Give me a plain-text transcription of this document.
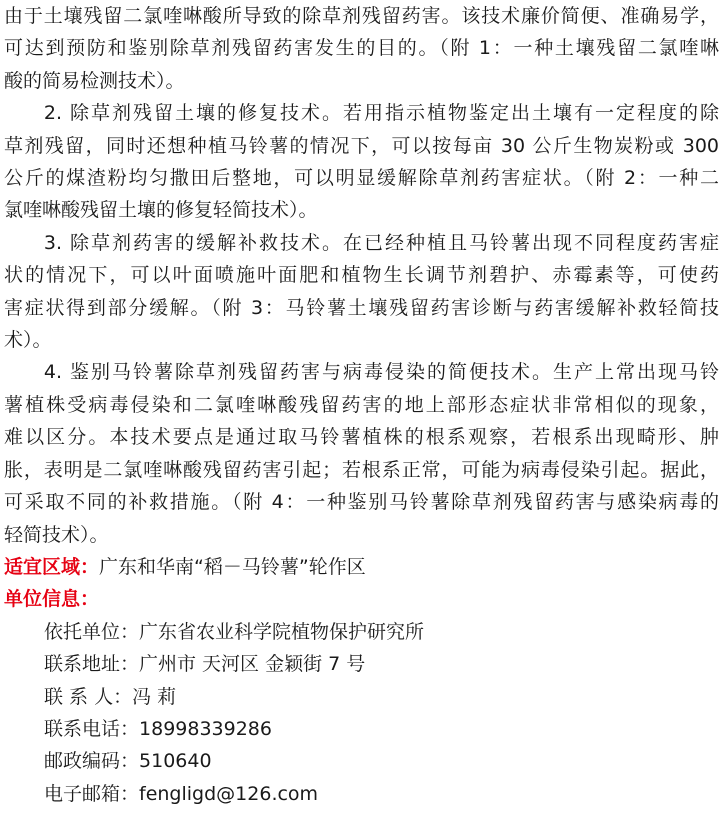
由于土壤残留二氯喹啉酸所导致的除草剂残留药害。该技术廉价简便、准确易学，
可达到预防和鉴别除草剂残留药害发生的目的。（附 1：一种土壤残留二氯喹啉
酸的简易检测技术）。
2. 除草剂残留土壤的修复技术。若用指示植物鉴定出土壤有一定程度的除
草剂残留，同时还想种植马铃薯的情况下，可以按每亩 30 公斤生物炭粉或 300
公斤的煤渣粉均匀撒田后整地，可以明显缓解除草剂药害症状。（附 2：一种二
氯喹啉酸残留土壤的修复轻简技术）。
3. 除草剂药害的缓解补救技术。在已经种植且马铃薯出现不同程度药害症
状的情况下，可以叶面喷施叶面肥和植物生长调节剂碧护、赤霉素等，可使药
害症状得到部分缓解。（附 3：马铃薯土壤残留药害诊断与药害缓解补救轻简技
术）。
4. 鉴别马铃薯除草剂残留药害与病毒侵染的简便技术。生产上常出现马铃
薯植株受病毒侵染和二氯喹啉酸残留药害的地上部形态症状非常相似的现象，
难以区分。本技术要点是通过取马铃薯植株的根系观察，若根系出现畸形、肿
胀，表明是二氯喹啉酸残留药害引起；若根系正常，可能为病毒侵染引起。据此，
可采取不同的补救措施。（附 4：一种鉴别马铃薯除草剂残留药害与感染病毒的
轻简技术）。
适宜区域：广东和华南“稻－马铃薯”轮作区
单位信息：
依托单位：广东省农业科学院植物保护研究所
联系地址：广州市 天河区 金颖街 7 号
联 系 人：冯 莉
联系电话：18998339286
邮政编码：510640
电子邮箱：fengligd@126.com
